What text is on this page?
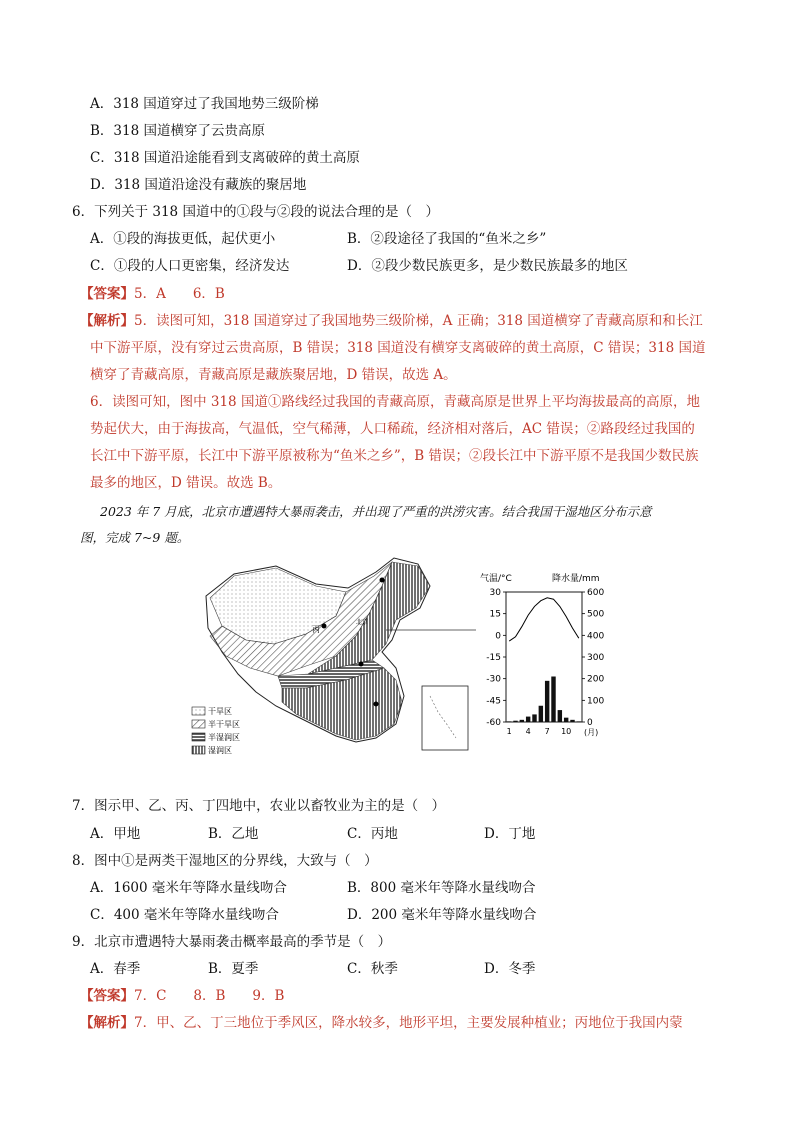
A．318 国道穿过了我国地势三级阶梯
B．318 国道横穿了云贵高原
C．318 国道沿途能看到支离破碎的黄土高原
D．318 国道沿途没有藏族的聚居地
6．下列关于 318 国道中的①段与②段的说法合理的是（　）
A．①段的海拔更低，起伏更小	B．②段途径了我国的“鱼米之乡”
C．①段的人口更密集，经济发达	D．②段少数民族更多，是少数民族最多的地区
【答案】5．A　　6．B
【解析】5．读图可知，318 国道穿过了我国地势三级阶梯，A 正确；318 国道横穿了青藏高原和和长江
中下游平原，没有穿过云贵高原，B 错误；318 国道没有横穿支离破碎的黄土高原，C 错误；318 国道
横穿了青藏高原，青藏高原是藏族聚居地，D 错误，故选 A。
6．读图可知，图中 318 国道①路线经过我国的青藏高原，青藏高原是世界上平均海拔最高的高原，地
势起伏大，由于海拔高，气温低，空气稀薄，人口稀疏，经济相对落后，AC 错误；②路段经过我国的
长江中下游平原，长江中下游平原被称为“鱼米之乡”，B 错误；②段长江中下游平原不是我国少数民族
最多的地区，D 错误。故选 B。
2023 年 7 月底，北京市遭遇特大暴雨袭击，并出现了严重的洪涝灾害。结合我国干湿地区分布示意
图，完成 7~9 题。
丙
北京
干旱区
半干旱区
半湿润区
湿润区
气温/°C	降水量/mm
30
15
0
-15
-30
-45
-60
600
500
400
300
200
100
0
1 4 7 10 (月)
7．图示甲、乙、丙、丁四地中，农业以畜牧业为主的是（　）
A．甲地	B．乙地	C．丙地	D．丁地
8．图中①是两类干湿地区的分界线，大致与（　）
A．1600 毫米年等降水量线吻合	B．800 毫米年等降水量线吻合
C．400 毫米年等降水量线吻合	D．200 毫米年等降水量线吻合
9．北京市遭遇特大暴雨袭击概率最高的季节是（　）
A．春季	B．夏季	C．秋季	D．冬季
【答案】7．C　　8．B　　9．B
【解析】7．甲、乙、丁三地位于季风区，降水较多，地形平坦，主要发展种植业；丙地位于我国内蒙
